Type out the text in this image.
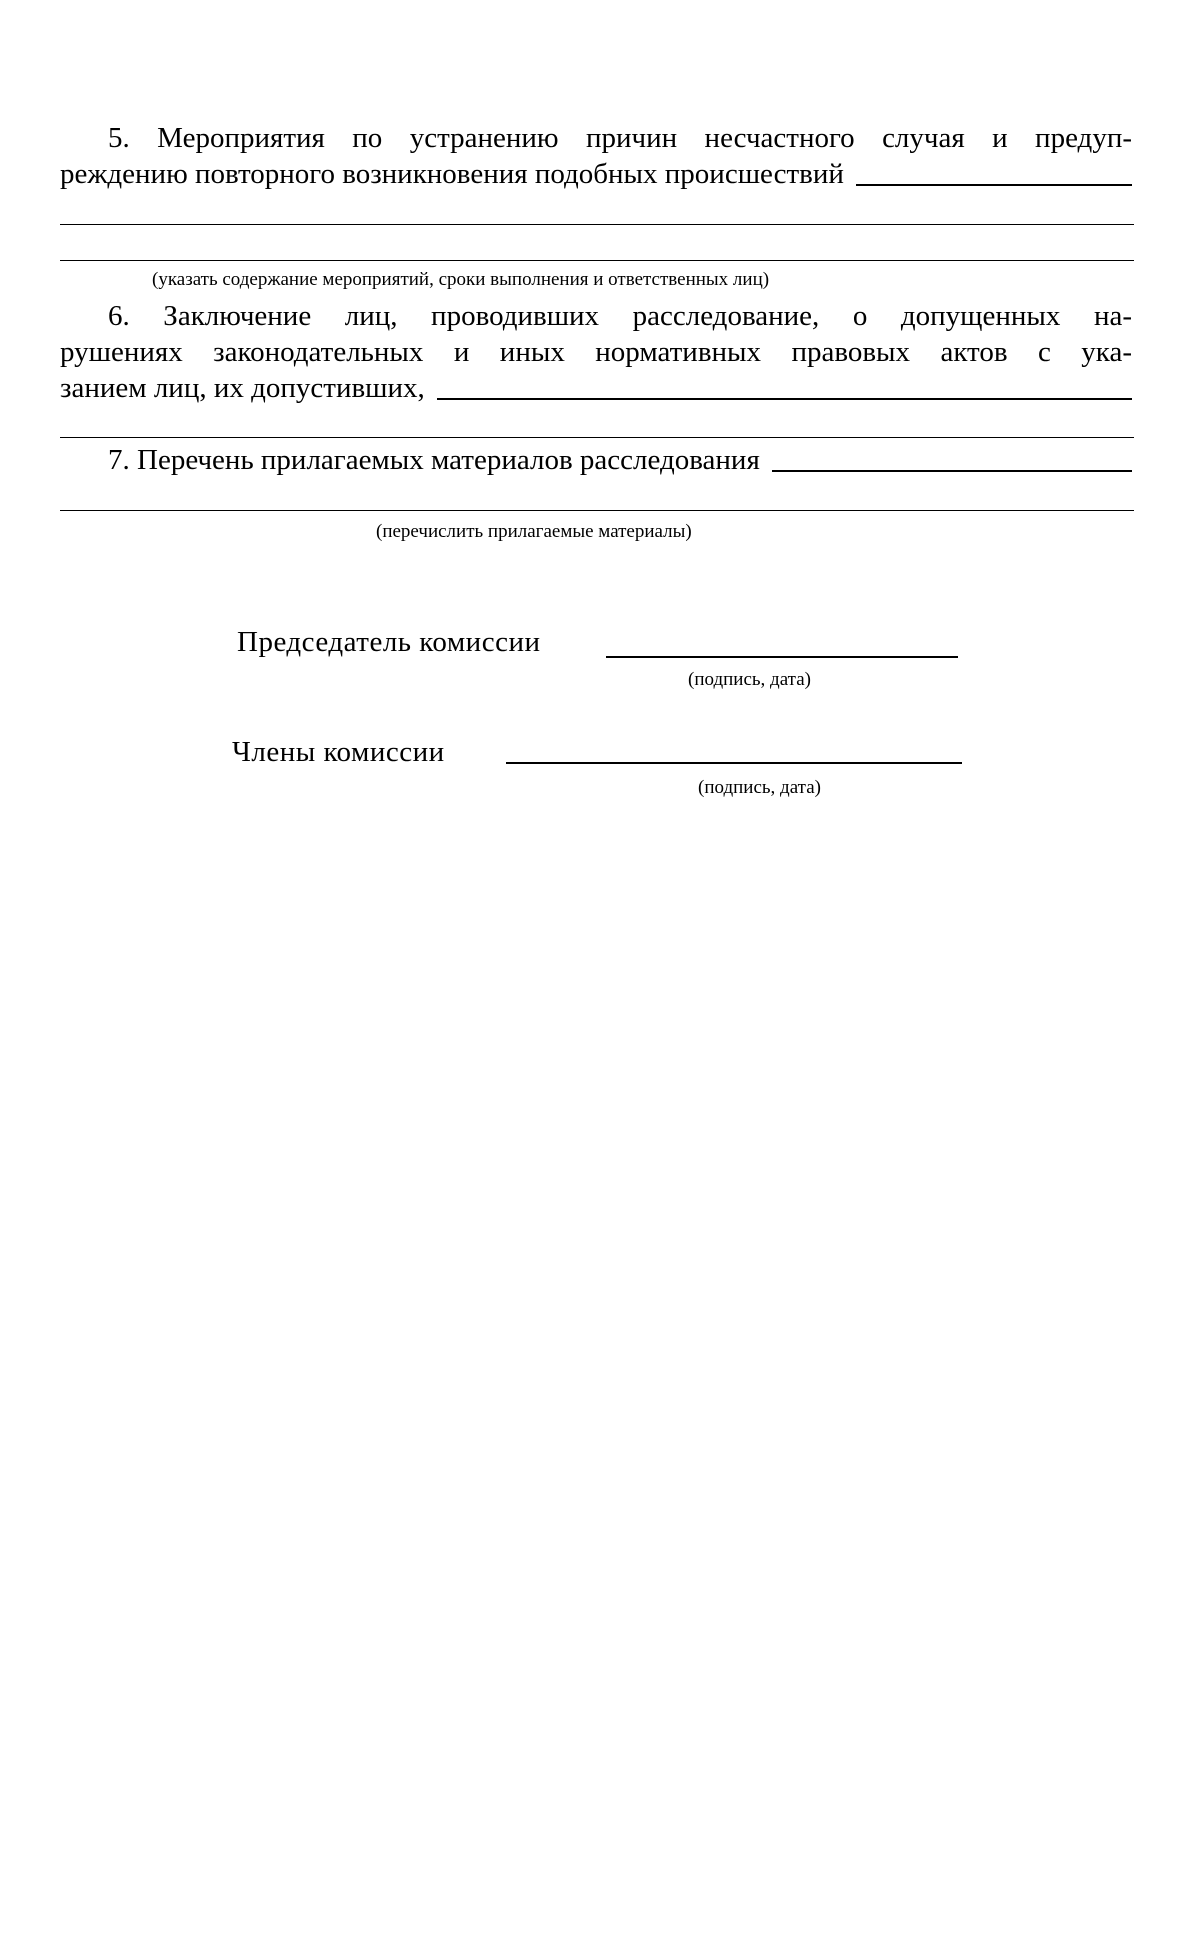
5. Мероприятия по устранению причин несчастного случая и предуп-
реждению повторного возникновения подобных происшествий
(указать содержание мероприятий, сроки выполнения и ответственных лиц)
6. Заключение лиц, проводивших расследование, о допущенных на-
рушениях законодательных и иных нормативных правовых актов с ука-
занием лиц, их допустивших,
7. Перечень прилагаемых материалов расследования
(перечислить прилагаемые материалы)
Председатель комиссии
(подпись, дата)
Члены комиссии
(подпись, дата)
